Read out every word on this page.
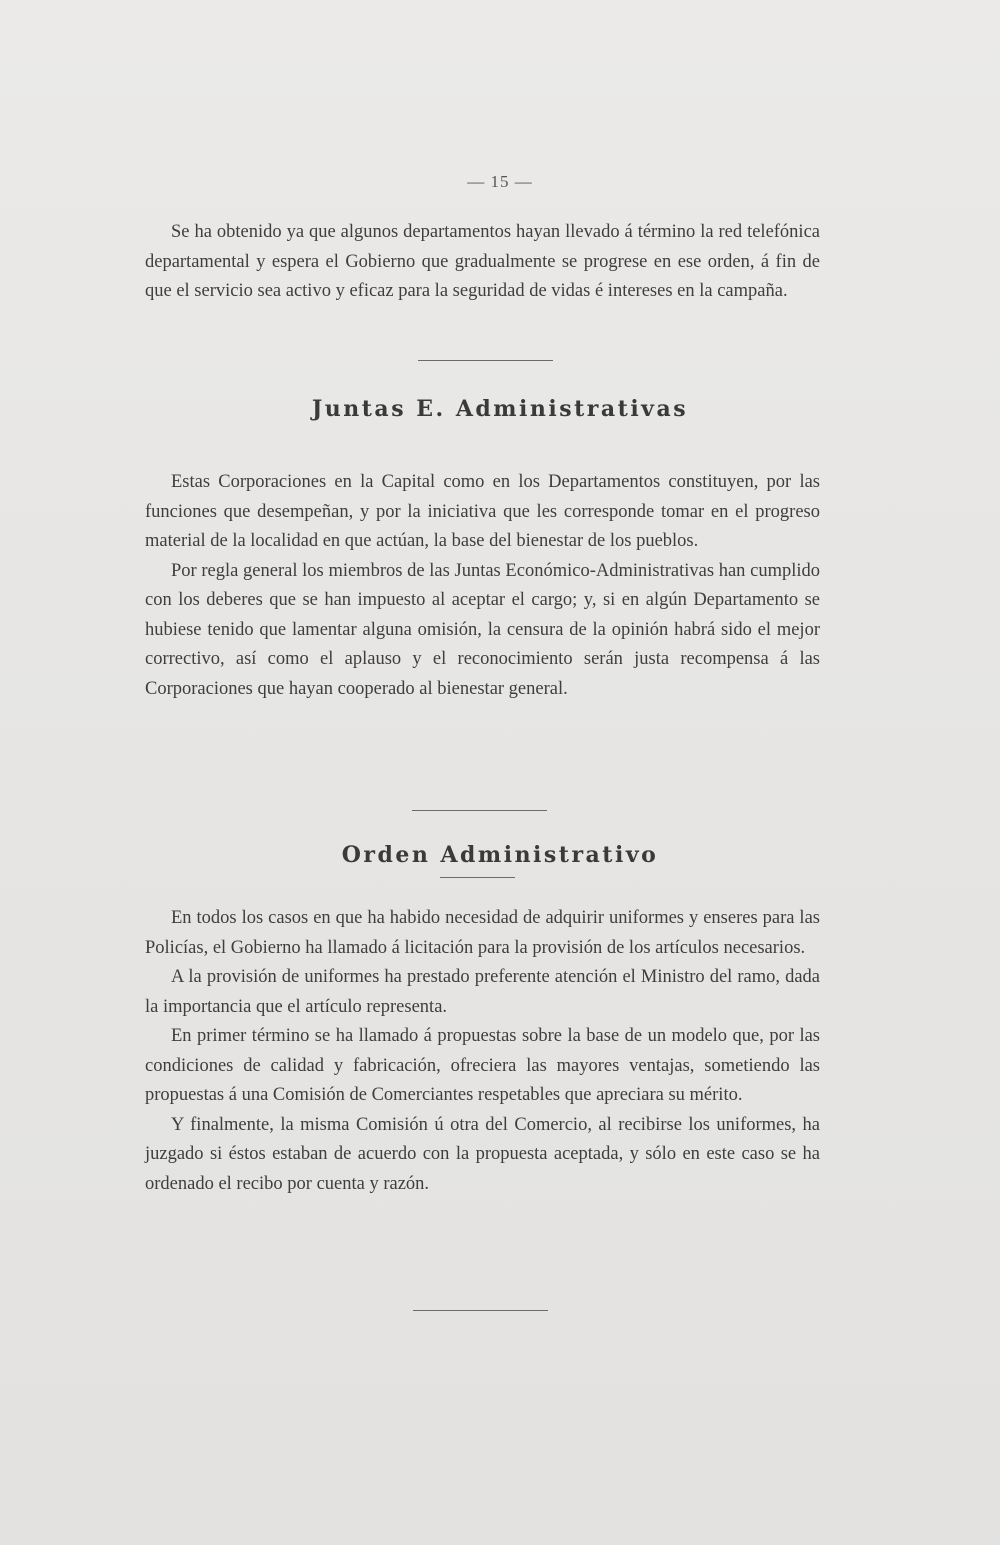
— 15 —

Se ha obtenido ya que algunos departamentos hayan llevado á término la red telefónica departamental y espera el Gobierno que gradualmente se progrese en ese orden, á fin de que el servicio sea activo y eficaz para la seguridad de vidas é intereses en la campaña.

Juntas E. Administrativas

Estas Corporaciones en la Capital como en los Departamentos constituyen, por las funciones que desempeñan, y por la iniciativa que les corresponde tomar en el progreso material de la localidad en que actúan, la base del bienestar de los pueblos.

Por regla general los miembros de las Juntas Económico-Administrativas han cumplido con los deberes que se han impuesto al aceptar el cargo; y, si en algún Departamento se hubiese tenido que lamentar alguna omisión, la censura de la opinión habrá sido el mejor correctivo, así como el aplauso y el reconocimiento serán justa recompensa á las Corporaciones que hayan cooperado al bienestar general.

Orden Administrativo

En todos los casos en que ha habido necesidad de adquirir uniformes y enseres para las Policías, el Gobierno ha llamado á licitación para la provisión de los artículos necesarios.

A la provisión de uniformes ha prestado preferente atención el Ministro del ramo, dada la importancia que el artículo representa.

En primer término se ha llamado á propuestas sobre la base de un modelo que, por las condiciones de calidad y fabricación, ofreciera las mayores ventajas, sometiendo las propuestas á una Comisión de Comerciantes respetables que apreciara su mérito.

Y finalmente, la misma Comisión ú otra del Comercio, al recibirse los uniformes, ha juzgado si éstos estaban de acuerdo con la propuesta aceptada, y sólo en este caso se ha ordenado el recibo por cuenta y razón.
